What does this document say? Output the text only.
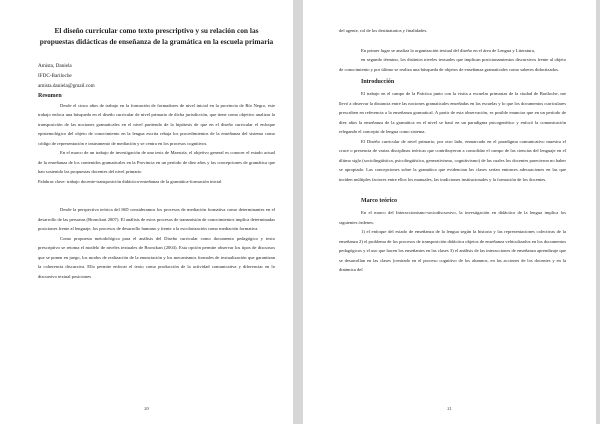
El diseño curricular como texto prescriptivo y su relación con las propuestas didácticas de enseñanza de la gramática en la escuela primaria

Amista, Daniela

IFDC-Bariloche

amista.daniela@gmail.com

Resumen

Desde el cinco años de trabajo en la formación de formadores de nivel inicial en la provincia de Río Negro, este trabajo enfoca una búsqueda en el diseño curricular de nivel primario de dicha jurisdicción, que tiene como objetivo analizar la transposición de las nociones gramaticales en el nivel partiendo de la hipótesis de que en el diseño curricular el enfoque epistemológico del objeto de conocimiento en la lengua escrita rebaja los procedimientos de la enseñanza del sistema como código de representación e instrumento de mediación y se centra en los procesos cognitivos.

En el marco de un trabajo de investigación de una tesis de Maestría, el objetivo general es conocer el estado actual de la enseñanza de los contenidos gramaticales en la Provincia en un período de diez años y las concepciones de gramática que han sostenido las propuestas docentes del nivel primario

Palabras clave: trabajo docente-transposición didáctica-enseñanza de la gramática-formación inicial

Desde la perspectiva teórica del ISD consideramos los procesos de mediación formativa como determinantes en el desarrollo de las personas (Bronckart 2007). El análisis de estos procesos de transmisión de conocimientos implica determinadas posiciones frente al lenguaje, los procesos de desarrollo humano y frente a la escolarización como mediación formativa.

Como propuesta metodológica para el análisis del Diseño curricular como documento pedagógico y texto prescriptivo se retoma el modelo de niveles textuales de Bronckart (2004). Esta opción permite observar los tipos de discursos que se ponen en juego, los modos de realización de la enunciación y los mecanismos formales de textualización que garantizan la coherencia discursiva. Ello permite enfocar el texto como producción de la actividad comunicativa y diferenciar en lo discursivo textual posiciones

20

del agente, rol de los destinatarios y finalidades.

En primer lugar se analiza la organización textual del diseño en el área de Lengua y Literatura,

en segundo término, los distintos niveles textuales que implican posicionamientos discursivos frente al objeto de conocimiento y por último se realiza una búsqueda de objetos de enseñanza gramaticales como saberes didactizados.

Introducción

El trabajo en el campo de la Práctica junto con la visita a escuelas primarias de la ciudad de Bariloche, me llevó a observar la distancia entre las nociones gramaticales enseñadas en las escuelas y lo que los documentos curriculares prescriben en referencia a la enseñanza gramatical. A partir de esta observación, es posible enunciar que en un período de diez años la enseñanza de la gramática en el nivel se basó en un paradigma psicogenético y enfocó la comunicación relegando el concepto de lengua como sistema.

El Diseño curricular de nivel primario, por otro lado, enmarcado en el paradigma comunicativo muestra el cruce o presencia de varias disciplinas teóricas que contribuyeron a consolidar el campo de las ciencias del lenguaje en el último siglo (sociolingüística, psicolingüística, generativismo, cognitivismo) de las cuales los docentes parecieron no haber se apropiado. Las concepciones sobre la gramática que evidencian las clases serían entonces adecuaciones en las que inciden múltiples factores entre ellos los manuales, las tradiciones institucionales y la formación de los docentes.

Marco teórico

En el marco del Interaccionismo-sociodiscursivo, la investigación en didáctica de la lengua implica los siguientes órdenes:

1) el enfoque del estado de enseñanza de la lengua según la historia y las representaciones colectivas de la enseñanza 2) el problema de los procesos de transposición didáctica objetos de enseñanza vehiculizados en los documentos pedagógicos y el uso que hacen los enseñantes en las clases 3) el análisis de las interacciones de enseñanza aprendizaje que se desarrollan en las clases (centrado en el proceso cognitivo de los alumnos, en las acciones de los docentes y en la dinámica del

21
